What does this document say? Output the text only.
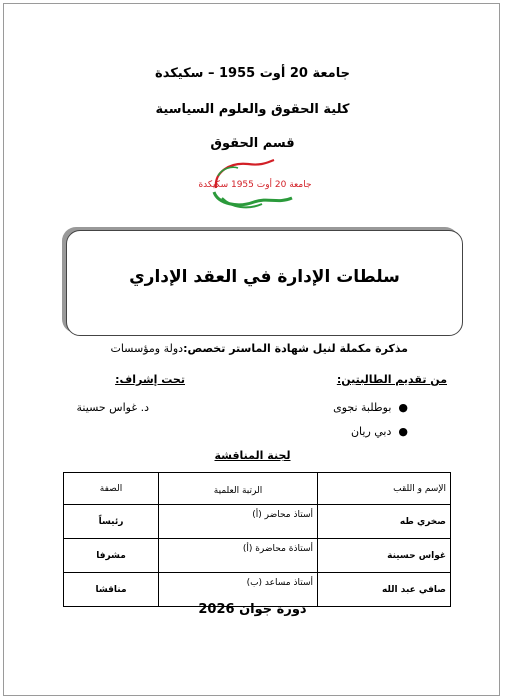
جامعة 20 أوت 1955 – سكيكدة
كلية الحقوق والعلوم السياسية
قسم الحقوق
جامعة 20 أوت 1955 سكيكدة
سلطات الإدارة في العقد الإداري
مذكرة مكملة لنيل شهادة الماستر تخصص:دولة ومؤسسات
من تقديم الطالبتين:
تحت إشراف:
●بوطلبة نجوى
●دبي ريان
د. غواس حسينة
لجنة المناقشة
الإسم و اللقب	الرتبة العلمية	الصفة
صخري طه	أستاذ محاضر (أ)	رئيساً
غواس حسينة	أستاذة محاضرة (أ)	مشرفا
صافي عبد الله	أستاذ مساعد (ب)	مناقشا
دورة جوان 2026
